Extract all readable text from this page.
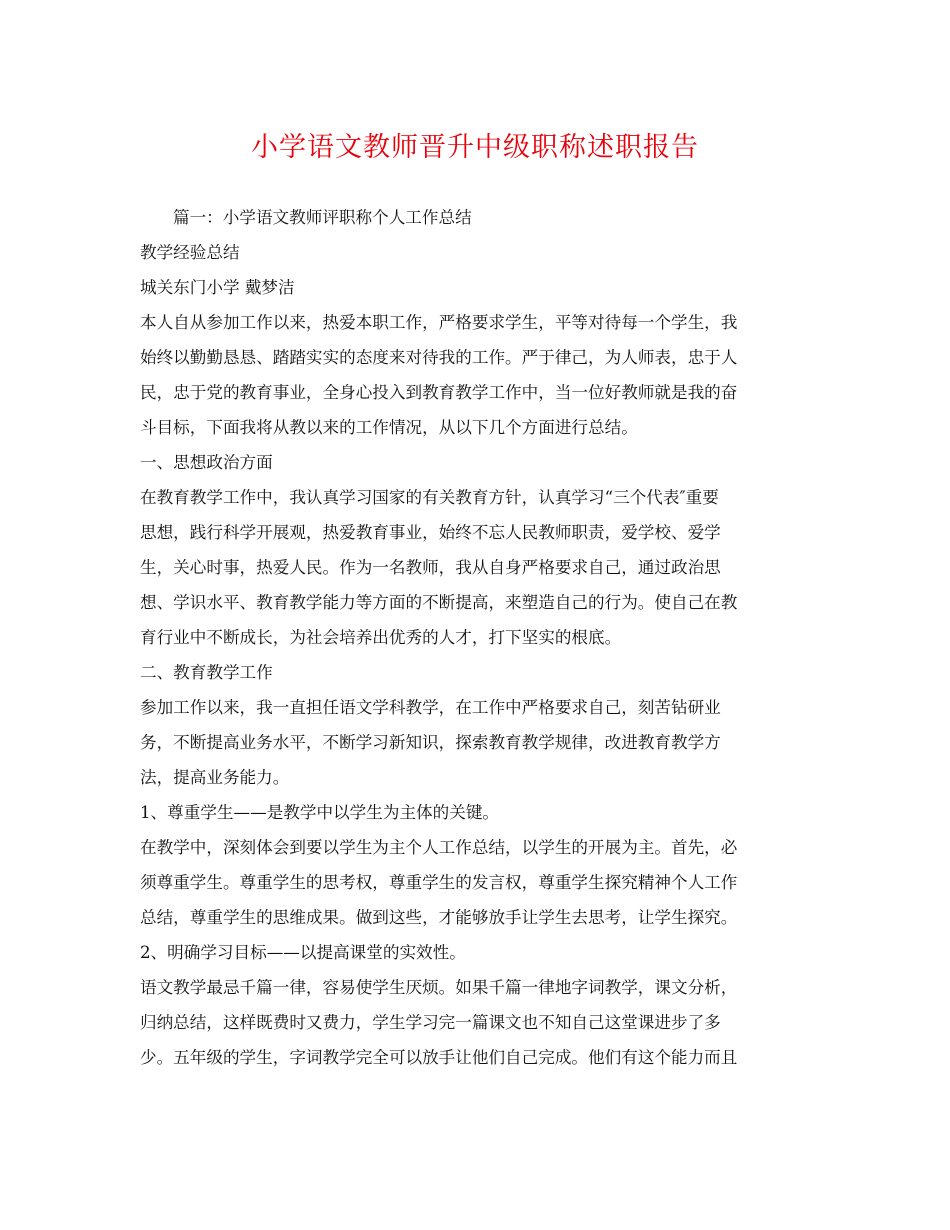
小学语文教师晋升中级职称述职报告
篇一：小学语文教师评职称个人工作总结
教学经验总结
城关东门小学 戴梦洁
本人自从参加工作以来，热爱本职工作，严格要求学生，平等对待每一个学生，我
始终以勤勤恳恳、踏踏实实的态度来对待我的工作。严于律己，为人师表，忠于人
民，忠于党的教育事业，全身心投入到教育教学工作中，当一位好教师就是我的奋
斗目标，下面我将从教以来的工作情况，从以下几个方面进行总结。
一、思想政治方面
在教育教学工作中，我认真学习国家的有关教育方针，认真学习“三个代表″重要
思想，践行科学开展观，热爱教育事业，始终不忘人民教师职责，爱学校、爱学
生，关心时事，热爱人民。作为一名教师，我从自身严格要求自己，通过政治思
想、学识水平、教育教学能力等方面的不断提高，来塑造自己的行为。使自己在教
育行业中不断成长，为社会培养出优秀的人才，打下坚实的根底。
二、教育教学工作
参加工作以来，我一直担任语文学科教学，在工作中严格要求自己，刻苦钻研业
务，不断提高业务水平，不断学习新知识，探索教育教学规律，改进教育教学方
法，提高业务能力。
1、尊重学生——是教学中以学生为主体的关键。
在教学中，深刻体会到要以学生为主个人工作总结，以学生的开展为主。首先，必
须尊重学生。尊重学生的思考权，尊重学生的发言权，尊重学生探究精神个人工作
总结，尊重学生的思维成果。做到这些，才能够放手让学生去思考，让学生探究。
2、明确学习目标——以提高课堂的实效性。
语文教学最忌千篇一律，容易使学生厌烦。如果千篇一律地字词教学，课文分析，
归纳总结，这样既费时又费力，学生学习完一篇课文也不知自己这堂课进步了多
少。五年级的学生，字词教学完全可以放手让他们自己完成。他们有这个能力而且
